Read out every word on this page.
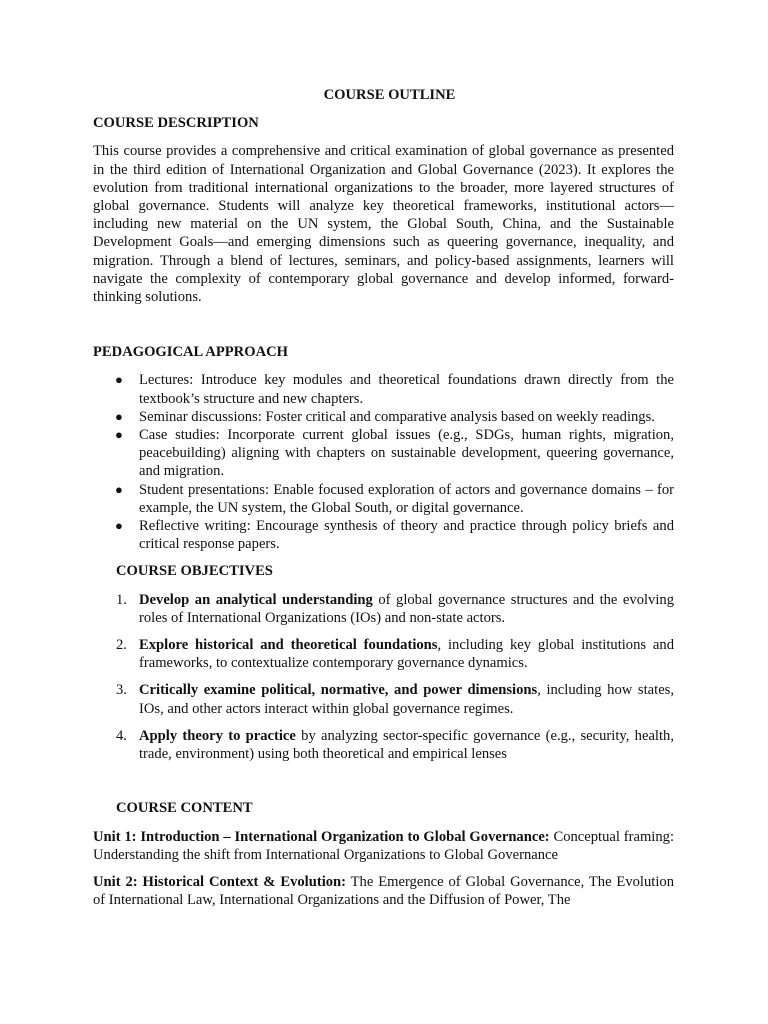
COURSE OUTLINE
COURSE DESCRIPTION

This course provides a comprehensive and critical examination of global governance as presented in the third edition of International Organization and Global Governance (2023). It explores the evolution from traditional international organizations to the broader, more layered structures of global governance. Students will analyze key theoretical frameworks, institutional actors—including new material on the UN system, the Global South, China, and the Sustainable Development Goals—and emerging dimensions such as queering governance, inequality, and migration. Through a blend of lectures, seminars, and policy-based assignments, learners will navigate the complexity of contemporary global governance and develop informed, forward-thinking solutions.

PEDAGOGICAL APPROACH
● Lectures: Introduce key modules and theoretical foundations drawn directly from the textbook’s structure and new chapters.
● Seminar discussions: Foster critical and comparative analysis based on weekly readings.
● Case studies: Incorporate current global issues (e.g., SDGs, human rights, migration, peacebuilding) aligning with chapters on sustainable development, queering governance, and migration.
● Student presentations: Enable focused exploration of actors and governance domains – for example, the UN system, the Global South, or digital governance.
● Reflective writing: Encourage synthesis of theory and practice through policy briefs and critical response papers.
COURSE OBJECTIVES
1. Develop an analytical understanding of global governance structures and the evolving roles of International Organizations (IOs) and non-state actors.
2. Explore historical and theoretical foundations, including key global institutions and frameworks, to contextualize contemporary governance dynamics.
3. Critically examine political, normative, and power dimensions, including how states, IOs, and other actors interact within global governance regimes.
4. Apply theory to practice by analyzing sector-specific governance (e.g., security, health, trade, environment) using both theoretical and empirical lenses
COURSE CONTENT

Unit 1: Introduction – International Organization to Global Governance: Conceptual framing: Understanding the shift from International Organizations to Global Governance

Unit 2: Historical Context & Evolution: The Emergence of Global Governance, The Evolution of International Law, International Organizations and the Diffusion of Power, The
